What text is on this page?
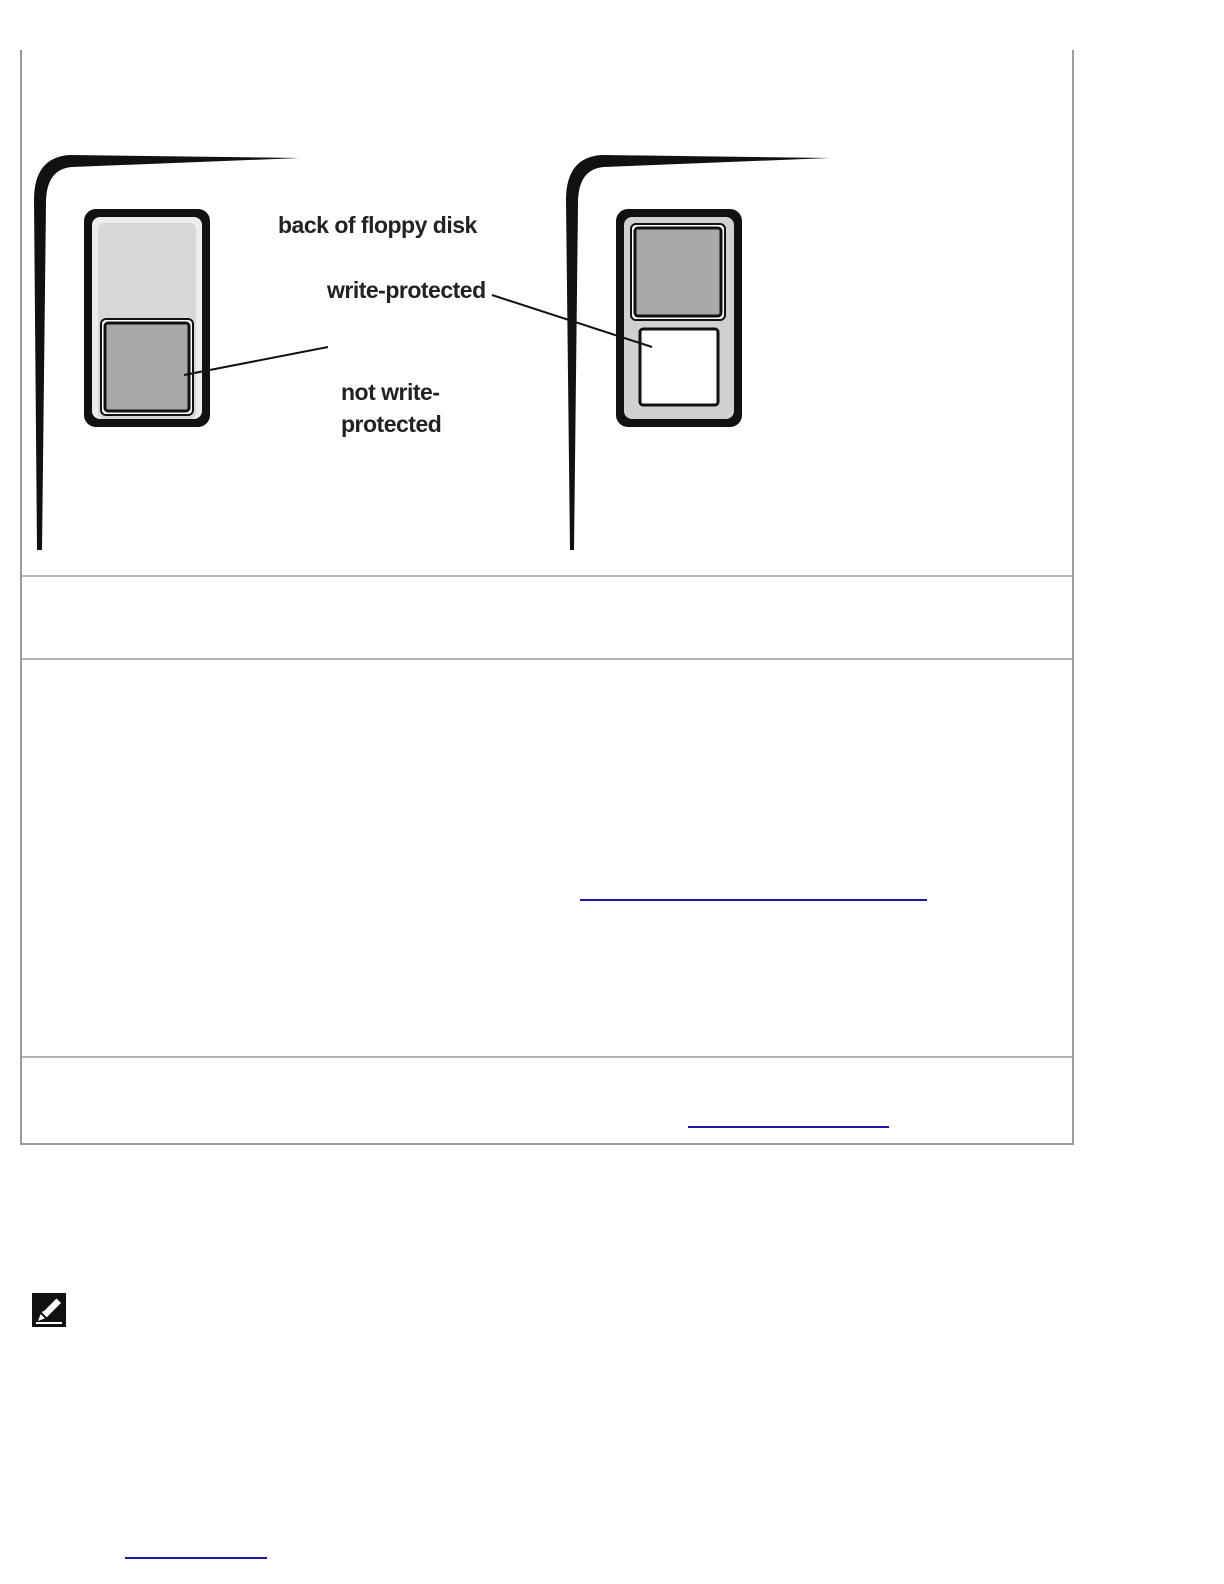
back of floppy disk
write-protected
not write-
protected
